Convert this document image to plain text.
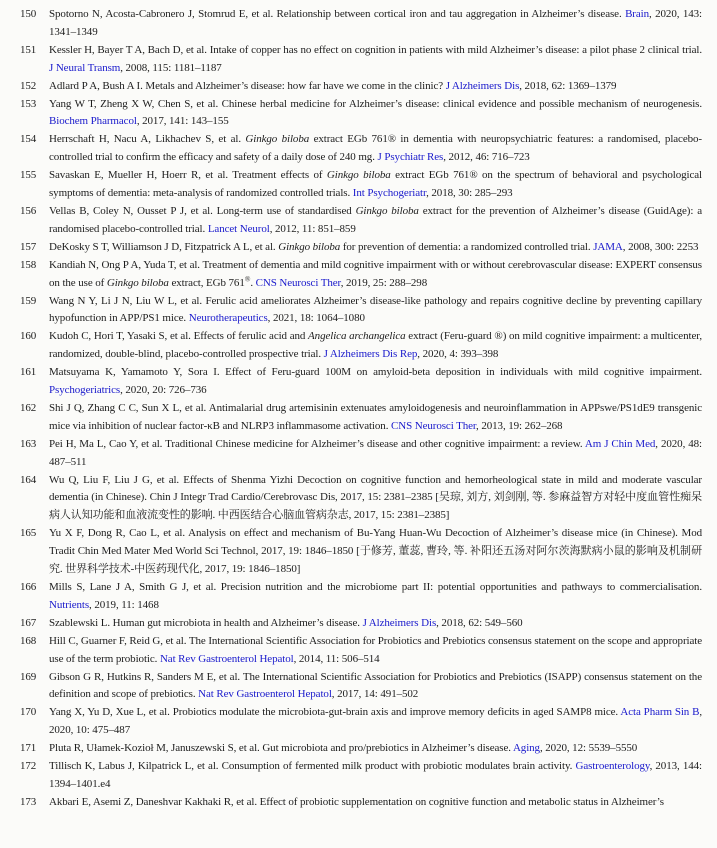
150	Spotorno N, Acosta-Cabronero J, Stomrud E, et al. Relationship between cortical iron and tau aggregation in Alzheimer’s disease. Brain, 2020, 143: 1341–1349
151	Kessler H, Bayer T A, Bach D, et al. Intake of copper has no effect on cognition in patients with mild Alzheimer’s disease: a pilot phase 2 clinical trial. J Neural Transm, 2008, 115: 1181–1187
152	Adlard P A, Bush A I. Metals and Alzheimer’s disease: how far have we come in the clinic? J Alzheimers Dis, 2018, 62: 1369–1379
153	Yang W T, Zheng X W, Chen S, et al. Chinese herbal medicine for Alzheimer’s disease: clinical evidence and possible mechanism of neurogenesis. Biochem Pharmacol, 2017, 141: 143–155
154	Herrschaft H, Nacu A, Likhachev S, et al. Ginkgo biloba extract EGb 761® in dementia with neuropsychiatric features: a randomised, placebo-controlled trial to confirm the efficacy and safety of a daily dose of 240 mg. J Psychiatr Res, 2012, 46: 716–723
155	Savaskan E, Mueller H, Hoerr R, et al. Treatment effects of Ginkgo biloba extract EGb 761® on the spectrum of behavioral and psychological symptoms of dementia: meta-analysis of randomized controlled trials. Int Psychogeriatr, 2018, 30: 285–293
156	Vellas B, Coley N, Ousset P J, et al. Long-term use of standardised Ginkgo biloba extract for the prevention of Alzheimer’s disease (GuidAge): a randomised placebo-controlled trial. Lancet Neurol, 2012, 11: 851–859
157	DeKosky S T, Williamson J D, Fitzpatrick A L, et al. Ginkgo biloba for prevention of dementia: a randomized controlled trial. JAMA, 2008, 300: 2253
158	Kandiah N, Ong P A, Yuda T, et al. Treatment of dementia and mild cognitive impairment with or without cerebrovascular disease: EXPERT consensus on the use of Ginkgo biloba extract, EGb 761®. CNS Neurosci Ther, 2019, 25: 288–298
159	Wang N Y, Li J N, Liu W L, et al. Ferulic acid ameliorates Alzheimer’s disease-like pathology and repairs cognitive decline by preventing capillary hypofunction in APP/PS1 mice. Neurotherapeutics, 2021, 18: 1064–1080
160	Kudoh C, Hori T, Yasaki S, et al. Effects of ferulic acid and Angelica archangelica extract (Feru-guard ®) on mild cognitive impairment: a multicenter, randomized, double-blind, placebo-controlled prospective trial. J Alzheimers Dis Rep, 2020, 4: 393–398
161	Matsuyama K, Yamamoto Y, Sora I. Effect of Feru-guard 100M on amyloid-beta deposition in individuals with mild cognitive impairment. Psychogeriatrics, 2020, 20: 726–736
162	Shi J Q, Zhang C C, Sun X L, et al. Antimalarial drug artemisinin extenuates amyloidogenesis and neuroinflammation in APPswe/PS1dE9 transgenic mice via inhibition of nuclear factor-κB and NLRP3 inflammasome activation. CNS Neurosci Ther, 2013, 19: 262–268
163	Pei H, Ma L, Cao Y, et al. Traditional Chinese medicine for Alzheimer’s disease and other cognitive impairment: a review. Am J Chin Med, 2020, 48: 487–511
164	Wu Q, Liu F, Liu J G, et al. Effects of Shenma Yizhi Decoction on cognitive function and hemorheological state in mild and moderate vascular dementia (in Chinese). Chin J Integr Trad Cardio/Cerebrovasc Dis, 2017, 15: 2381–2385 [吴琼, 刘方, 刘剑刚, 等. 参麻益智方对轻中度血管性痴呆病人认知功能和血液流变性的影响. 中西医结合心脑血管病杂志, 2017, 15: 2381–2385]
165	Yu X F, Dong R, Cao L, et al. Analysis on effect and mechanism of Bu-Yang Huan-Wu Decoction of Alzheimer’s disease mice (in Chinese). Mod Tradit Chin Med Mater Med World Sci Technol, 2017, 19: 1846–1850 [于修芳, 董蕊, 曹玲, 等. 补阳还五汤对阿尔茨海默病小鼠的影响及机制研究. 世界科学技术-中医药现代化, 2017, 19: 1846–1850]
166	Mills S, Lane J A, Smith G J, et al. Precision nutrition and the microbiome part II: potential opportunities and pathways to commercialisation. Nutrients, 2019, 11: 1468
167	Szablewski L. Human gut microbiota in health and Alzheimer’s disease. J Alzheimers Dis, 2018, 62: 549–560
168	Hill C, Guarner F, Reid G, et al. The International Scientific Association for Probiotics and Prebiotics consensus statement on the scope and appropriate use of the term probiotic. Nat Rev Gastroenterol Hepatol, 2014, 11: 506–514
169	Gibson G R, Hutkins R, Sanders M E, et al. The International Scientific Association for Probiotics and Prebiotics (ISAPP) consensus statement on the definition and scope of prebiotics. Nat Rev Gastroenterol Hepatol, 2017, 14: 491–502
170	Yang X, Yu D, Xue L, et al. Probiotics modulate the microbiota-gut-brain axis and improve memory deficits in aged SAMP8 mice. Acta Pharm Sin B, 2020, 10: 475–487
171	Pluta R, Ułamek-Kozioł M, Januszewski S, et al. Gut microbiota and pro/prebiotics in Alzheimer’s disease. Aging, 2020, 12: 5539–5550
172	Tillisch K, Labus J, Kilpatrick L, et al. Consumption of fermented milk product with probiotic modulates brain activity. Gastroenterology, 2013, 144: 1394–1401.e4
173	Akbari E, Asemi Z, Daneshvar Kakhaki R, et al. Effect of probiotic supplementation on cognitive function and metabolic status in Alzheimer’s
